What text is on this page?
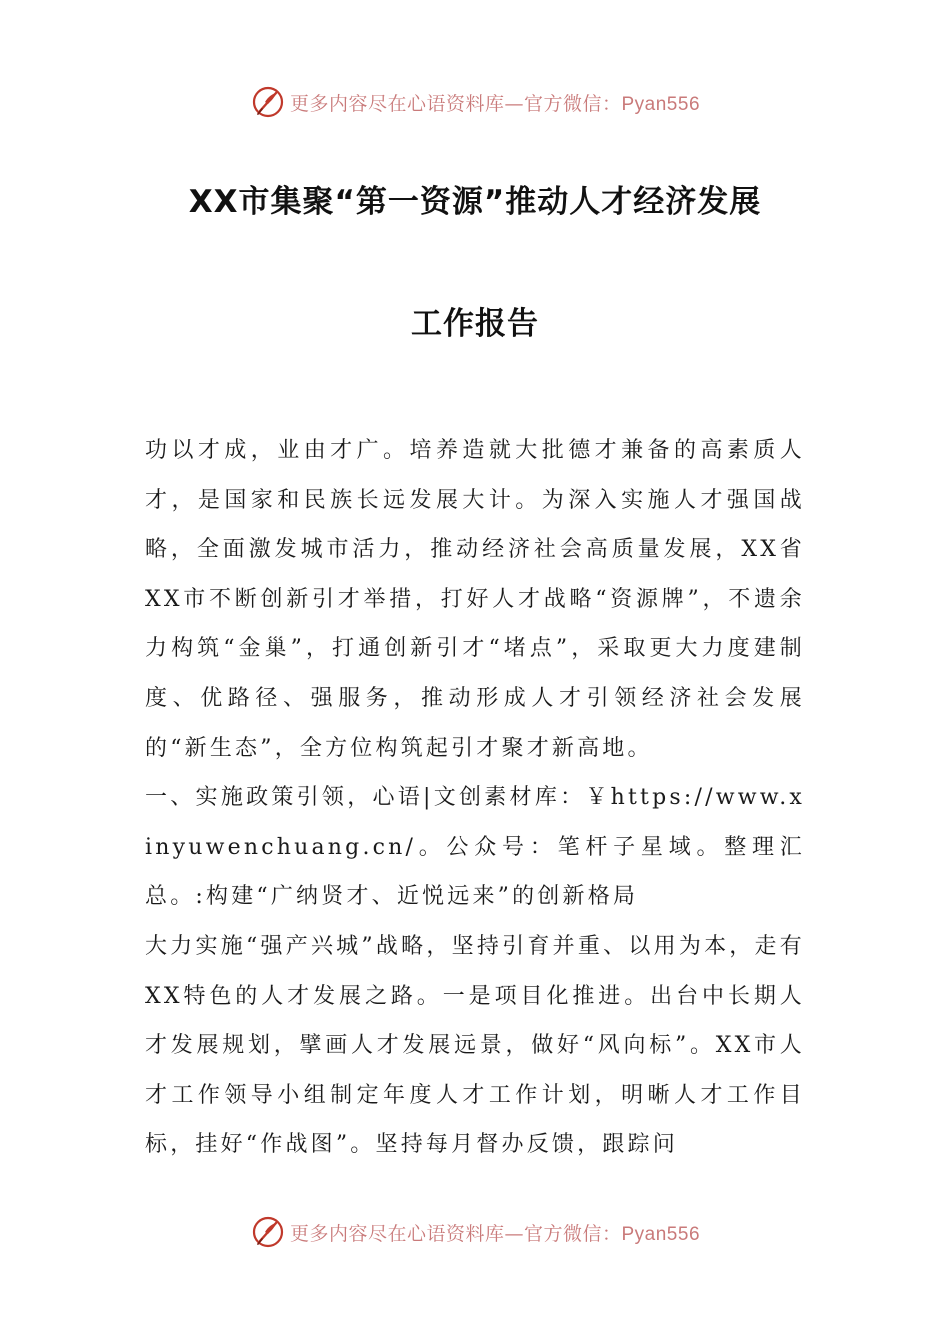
更多内容尽在心语资料库—官方微信：Pyan556
XX市集聚“第一资源”推动人才经济发展
工作报告

功以才成，业由才广。培养造就大批德才兼备的高素质人才，是国家和民族长远发展大计。为深入实施人才强国战略，全面激发城市活力，推动经济社会高质量发展，XX省XX市不断创新引才举措，打好人才战略“资源牌”，不遗余力构筑“金巢”，打通创新引才“堵点”，采取更大力度建制度、优路径、强服务，推动形成人才引领经济社会发展的“新生态”，全方位构筑起引才聚才新高地。

一、实施政策引领，心语|文创素材库：￥https://www.xinyuwenchuang.cn/。公众号：笔杆子星域。整理汇总。:构建“广纳贤才、近悦远来”的创新格局

大力实施“强产兴城”战略，坚持引育并重、以用为本，走有XX特色的人才发展之路。一是项目化推进。出台中长期人才发展规划，擘画人才发展远景，做好“风向标”。XX市人才工作领导小组制定年度人才工作计划，明晰人才工作目标，挂好“作战图”。坚持每月督办反馈，跟踪问

更多内容尽在心语资料库—官方微信：Pyan556
